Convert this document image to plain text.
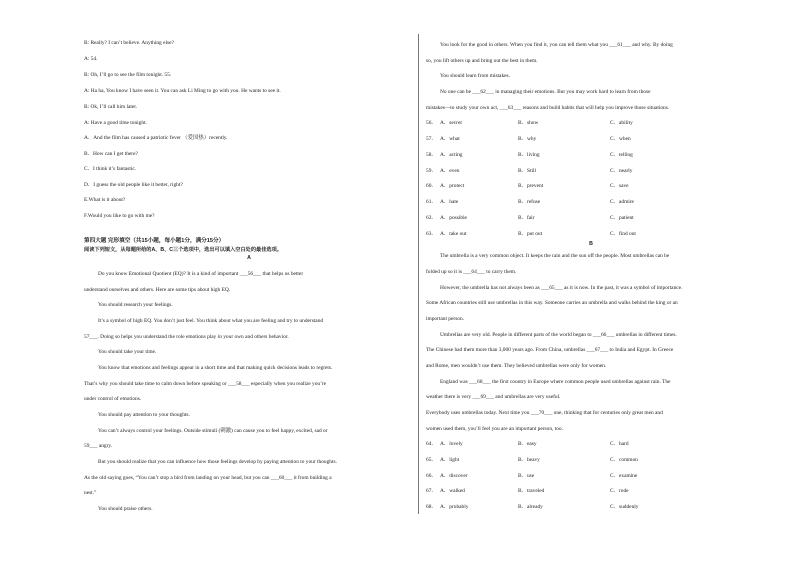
B: Really? I can’t believe. Anything else?
A: 54.
B: Oh, I’ll go to see the film tonight. 55.
A: Ha ha, You know I have seen it. You can ask Li Ming to go with you. He wants to see it.
B: Ok, I’ll call him later.
A: Have a good time tonight.
A．And the film has caused a patriotic fever （爱国热）recently.
B．How can I get there?
C．I think it’s fantastic.
D．I guess the old people like it better, right?
E.What is it about?
F.Would you like to go with me?
第四大题 完形填空（共15小题，每小题1分，满分15分）
阅读下列短文，从每题所给的A、B、C三个选项中，选出可以填入空白处的最佳选项。
A
Do you know Emotional Quotient (EQ)? It is a kind of important ___56___ that helps us better
understand ourselves and others. Here are some tips about high EQ.
You should research your feelings.
It’s a symbol of high EQ. You don’t just feel. You think about what you are feeling and try to understand
57___. Doing so helps you understand the role emotions play in your own and others behavior.
You should take your time.
You know that emotions and feelings appear in a short time and that making quick decisions leads to regrets.
That’s why you should take time to calm down before speaking or ___58___ especially when you realize you’re
under control of emotions.
You should pay attention to your thoughts.
You can’t always control your feelings. Outside stimuli (刺激) can cause you to feel happy, excited, sad or
59___ angry.
But you should realize that you can influence how those feelings develop by paying attention to your thoughts.
As the old saying goes, “You can’t stop a bird from landing on your head, but you can ___60___ it from building a
nest.”
You should praise others.
You look for the good in others. When you find it, you can tell them what you ___61___ and why. By doing
so, you lift others up and bring out the best in them.
You should learn from mistakes.
No one can be ___62___ in managing their emotions. But you may work hard to learn from those
mistakes—to study your own act, ___63___ reasons and build habits that will help you improve those situations.
56． A．secret	B．show	C．ability
57． A．what	B．why	C．when
58． A．acting	B．living	C．telling
59． A．even	B．Still	C．nearly
60． A．protect	B．prevent	C．save
61． A．hate	B．refuse	C．admire
62． A．possible	B．fair	C．patient
63． A．take out	B．put out	C．find out
B
The umbrella is a very common object. It keeps the rain and the sun off the people. Most umbrellas can be
folded up so it is ___64___ to carry them.
However, the umbrella has not always been as ___65___ as it is now. In the past, it was a symbol of importance.
Some African countries still use umbrellas in this way. Someone carries an umbrella and walks behind the king or an
important person.
Umbrellas are very old. People in different parts of the world began to ___66___ umbrellas in different times.
The Chinese had them more than 3,000 years ago. From China, umbrellas ___67___ to India and Egypt. In Greece
and Rome, men wouldn’t use them. They believed umbrellas were only for women.
England was ___68___ the first country in Europe where common people used umbrellas against rain. The
weather there is very ___69___ and umbrellas are very useful.
Everybody uses umbrellas today. Next time you ___70___ one, thinking that for centuries only great men and
women used them, you’ll feel you are an important person, too.
64． A．lovely	B．easy	C．hard
65． A．light	B．heavy	C．common
66． A．discover	B．use	C．examine
67． A．walked	B．traveled	C．rode
68． A．probably	B．already	C．suddenly
